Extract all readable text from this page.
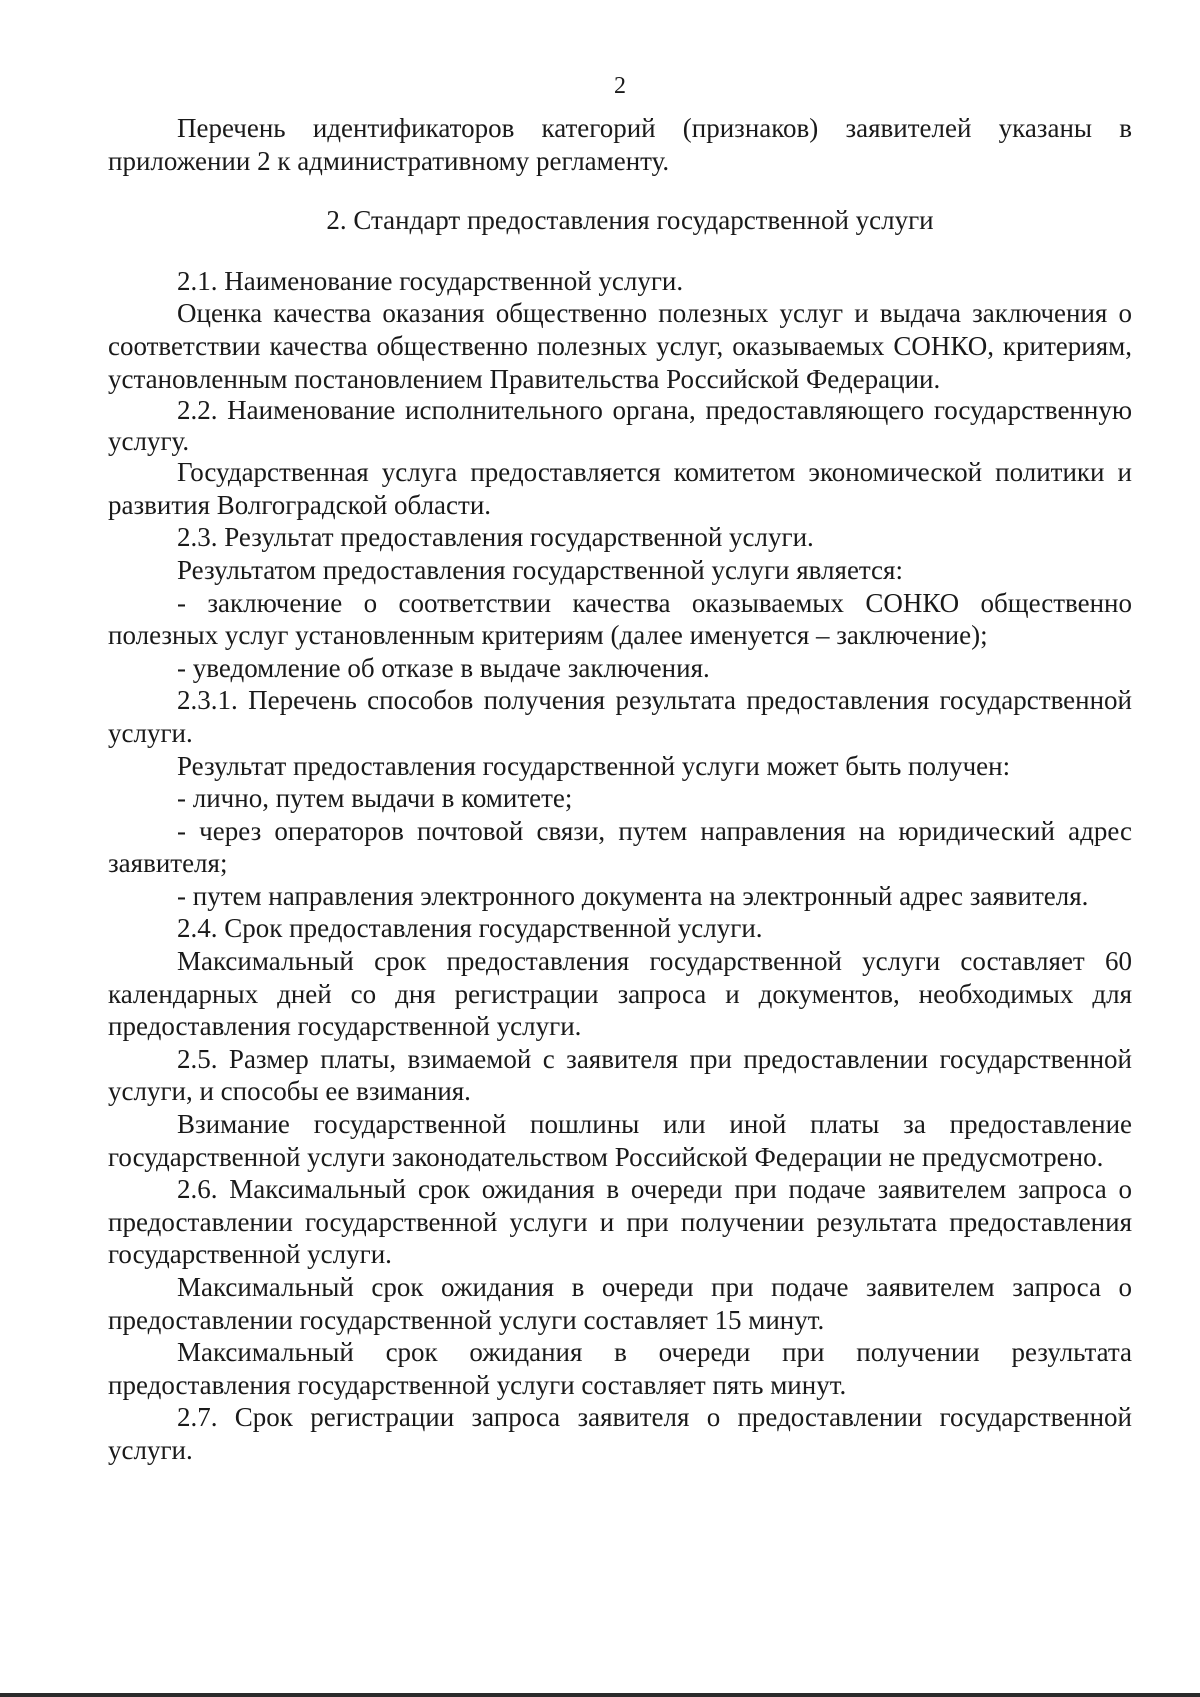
2

Перечень идентификаторов категорий (признаков) заявителей указаны в приложении 2 к административному регламенту.

2. Стандарт предоставления государственной услуги

2.1. Наименование государственной услуги.

Оценка качества оказания общественно полезных услуг и выдача заключения о соответствии качества общественно полезных услуг, оказываемых СОНКО, критериям, установленным постановлением Правительства Российской Федерации.

2.2. Наименование исполнительного органа, предоставляющего государственную услугу.

Государственная услуга предоставляется комитетом экономической политики и развития Волгоградской области.

2.3. Результат предоставления государственной услуги.

Результатом предоставления государственной услуги является:

- заключение о соответствии качества оказываемых СОНКО общественно полезных услуг установленным критериям (далее именуется – заключение);

- уведомление об отказе в выдаче заключения.

2.3.1. Перечень способов получения результата предоставления государственной услуги.

Результат предоставления государственной услуги может быть получен:

- лично, путем выдачи в комитете;

- через операторов почтовой связи, путем направления на юридический адрес заявителя;

- путем направления электронного документа на электронный адрес заявителя.

2.4. Срок предоставления государственной услуги.

Максимальный срок предоставления государственной услуги составляет 60 календарных дней со дня регистрации запроса и документов, необходимых для предоставления государственной услуги.

2.5. Размер платы, взимаемой с заявителя при предоставлении государственной услуги, и способы ее взимания.

Взимание государственной пошлины или иной платы за предоставление государственной услуги законодательством Российской Федерации не предусмотрено.

2.6. Максимальный срок ожидания в очереди при подаче заявителем запроса о предоставлении государственной услуги и при получении результата предоставления государственной услуги.

Максимальный срок ожидания в очереди при подаче заявителем запроса о предоставлении государственной услуги составляет 15 минут.

Максимальный срок ожидания в очереди при получении результата предоставления государственной услуги составляет пять минут.

2.7. Срок регистрации запроса заявителя о предоставлении государственной услуги.
